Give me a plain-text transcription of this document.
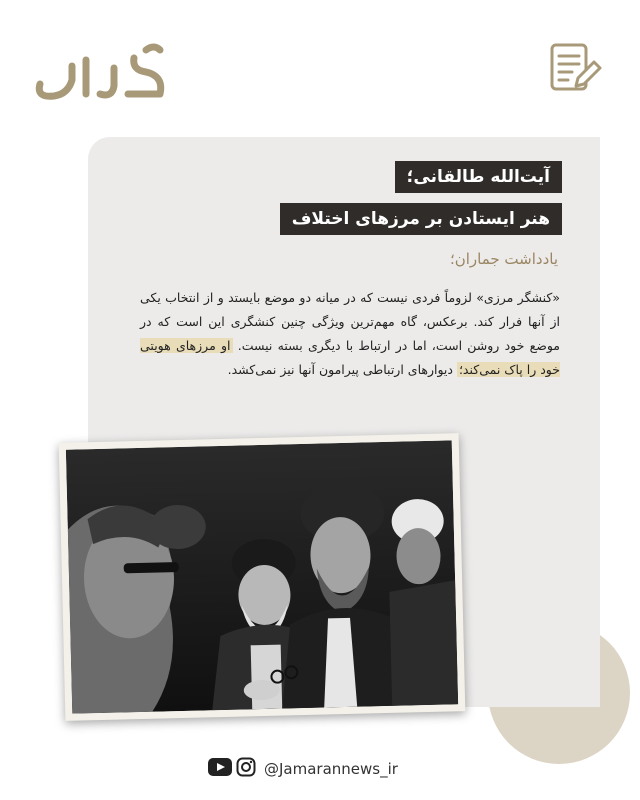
آیت‌الله طالقانی؛
هنر ایستادن بر مرزهای اختلاف
یادداشت جماران؛
«کنشگر مرزی» لزوماً فردی نیست که در میانه دو موضع بایستد و از انتخاب یکی از آنها فرار کند. برعکس، گاه مهم‌ترین ویژگی چنین کنشگری این است که در موضع خود روشن است، اما در ارتباط با دیگری بسته نیست. او مرزهای هویتی خود را پاک نمی‌کند؛ دیوارهای ارتباطی پیرامون آنها نیز نمی‌کشد.
@Jamarannews_ir
